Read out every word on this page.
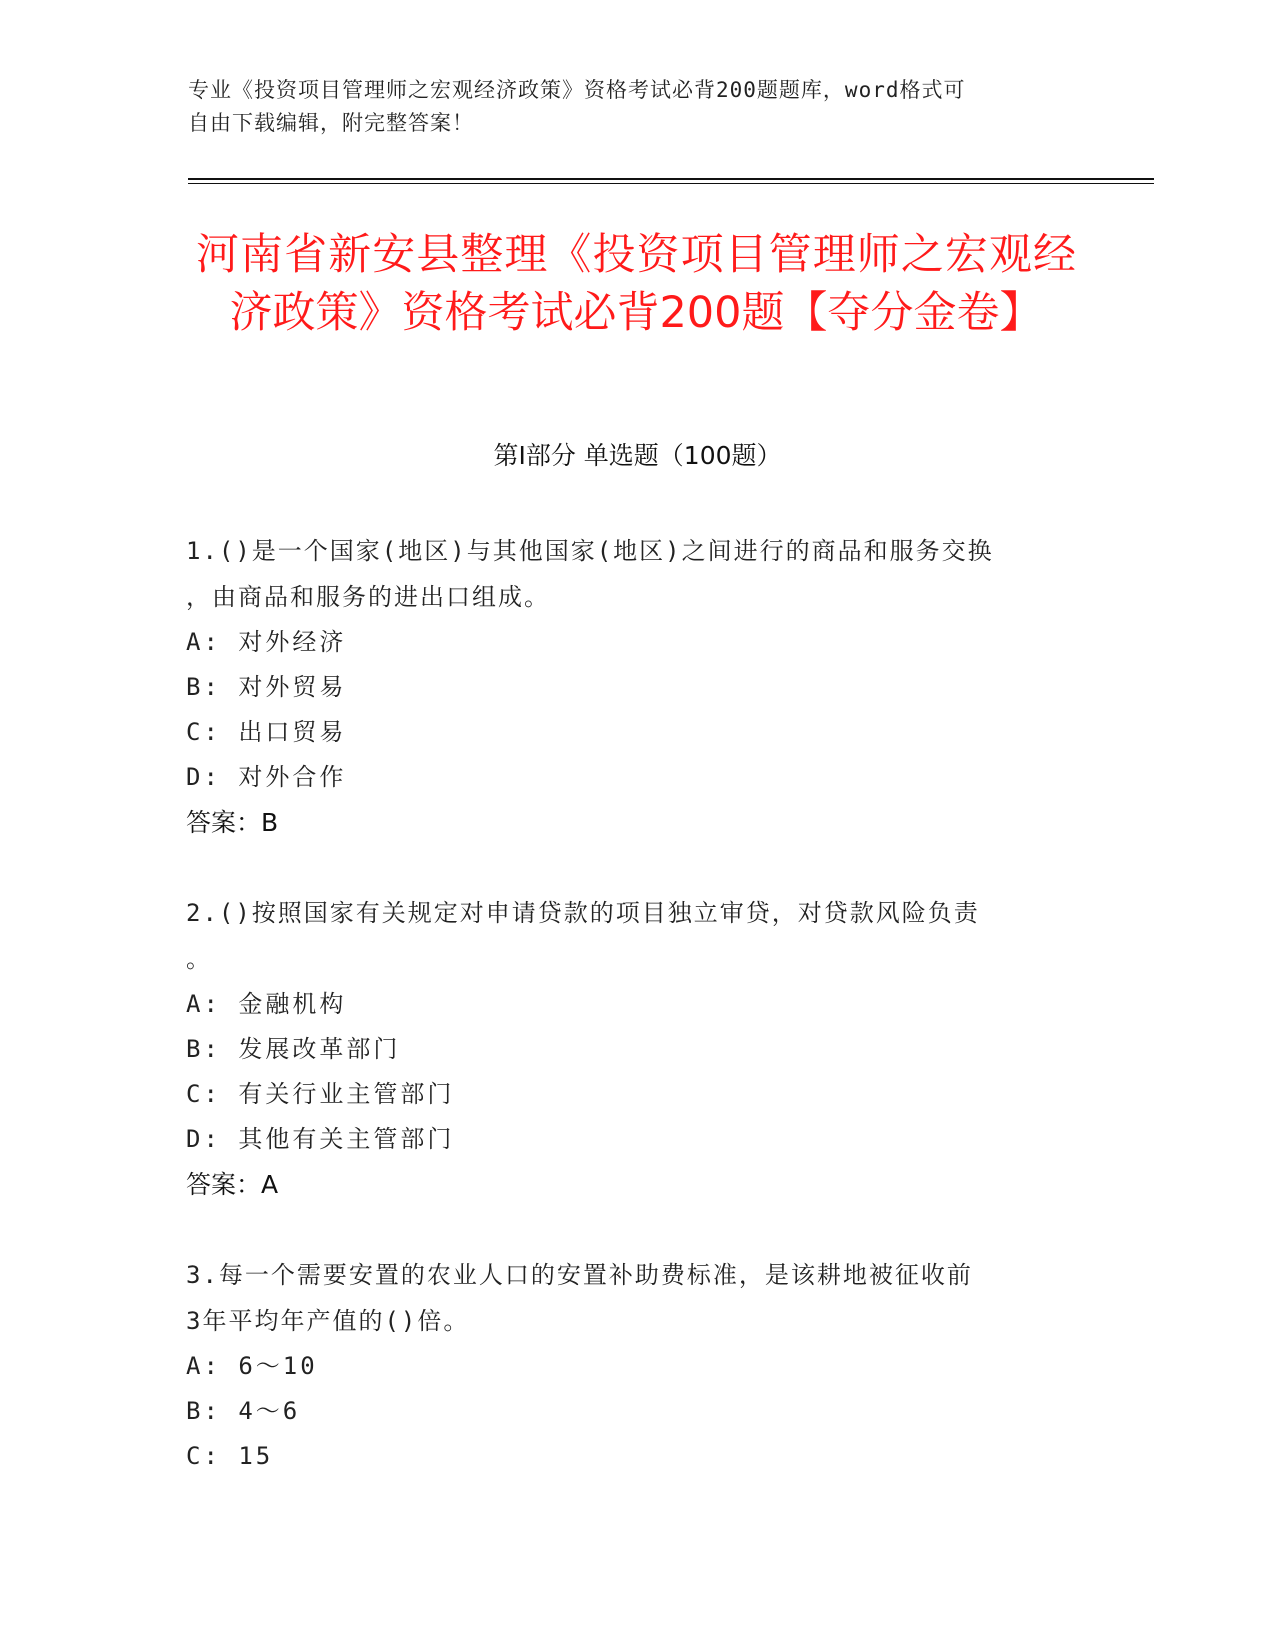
专业《投资项目管理师之宏观经济政策》资格考试必背200题题库，word格式可
自由下载编辑，附完整答案！
河南省新安县整理《投资项目管理师之宏观经济政策》资格考试必背200题【夺分金卷】
第I部分 单选题（100题）

1.()是一个国家(地区)与其他国家(地区)之间进行的商品和服务交换

，由商品和服务的进出口组成。

A: 对外经济

B: 对外贸易

C: 出口贸易

D: 对外合作

答案：B

2.()按照国家有关规定对申请贷款的项目独立审贷，对贷款风险负责

。

A: 金融机构

B: 发展改革部门

C: 有关行业主管部门

D: 其他有关主管部门

答案：A

3.每一个需要安置的农业人口的安置补助费标准，是该耕地被征收前

3年平均年产值的()倍。

A: 6～10

B: 4～6

C: 15
